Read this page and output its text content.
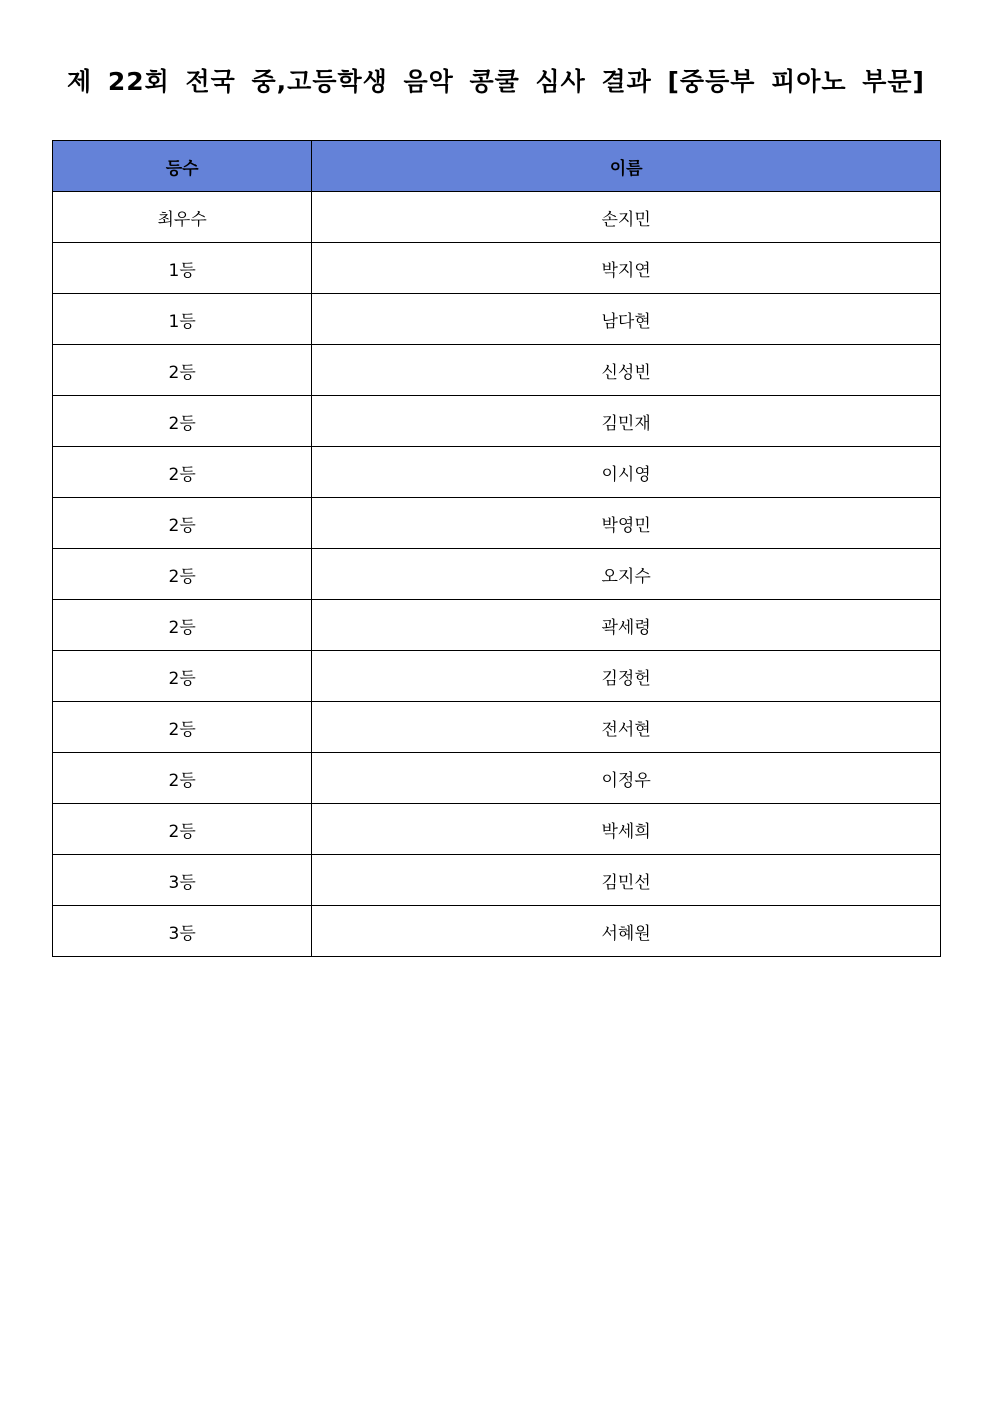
제 22회 전국 중,고등학생 음악 콩쿨 심사 결과 [중등부 피아노 부문]
등수	이름
최우수	손지민
1등	박지연
1등	남다현
2등	신성빈
2등	김민재
2등	이시영
2등	박영민
2등	오지수
2등	곽세령
2등	김정헌
2등	전서현
2등	이정우
2등	박세희
3등	김민선
3등	서혜원
